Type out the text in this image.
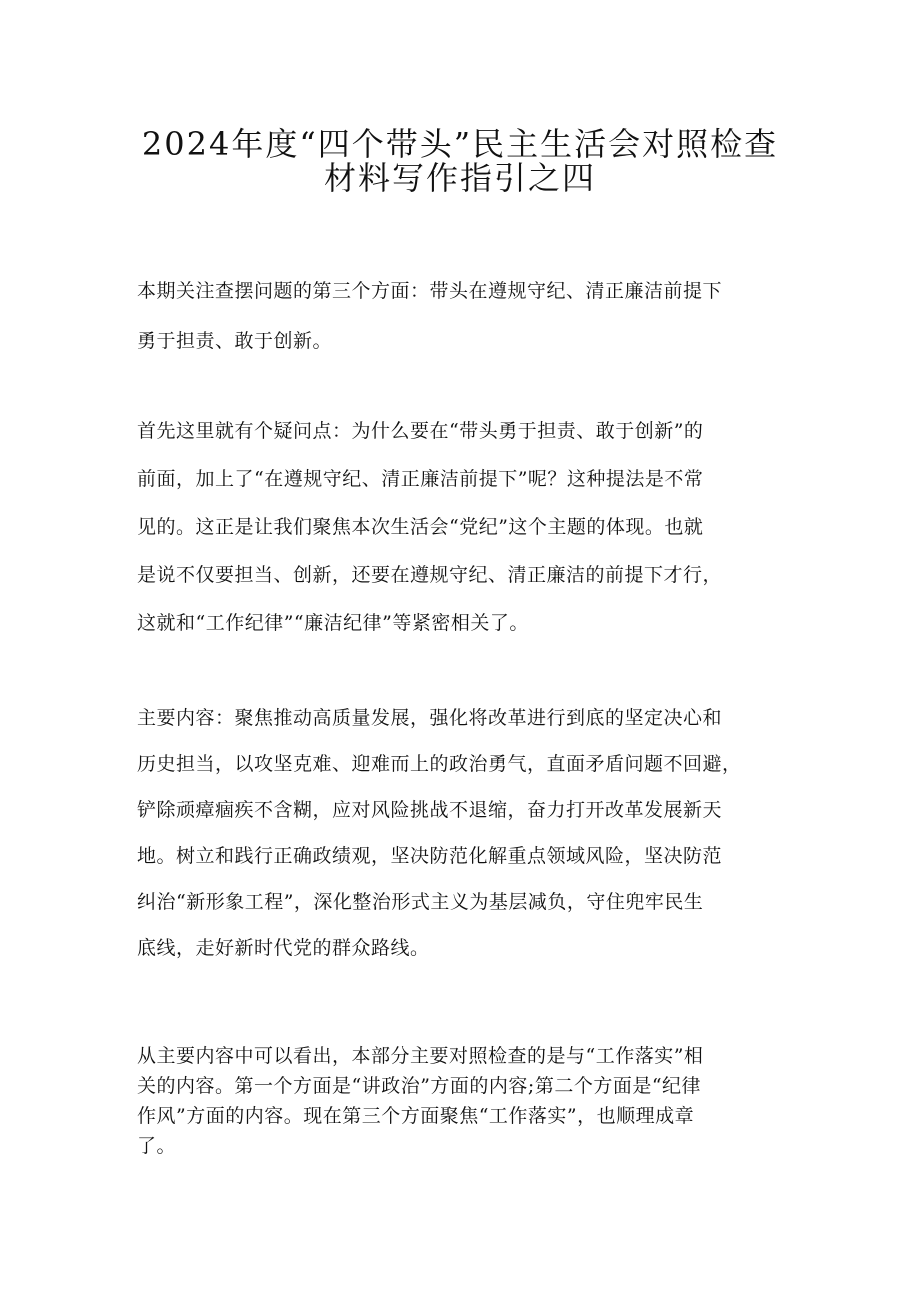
2024年度“四个带头”民主生活会对照检查
材料写作指引之四

本期关注查摆问题的第三个方面：带头在遵规守纪、清正廉洁前提下
勇于担责、敢于创新。

首先这里就有个疑问点：为什么要在“带头勇于担责、敢于创新”的
前面，加上了“在遵规守纪、清正廉洁前提下”呢？这种提法是不常
见的。这正是让我们聚焦本次生活会“党纪”这个主题的体现。也就
是说不仅要担当、创新，还要在遵规守纪、清正廉洁的前提下才行，
这就和“工作纪律”“廉洁纪律”等紧密相关了。

主要内容：聚焦推动高质量发展，强化将改革进行到底的坚定决心和
历史担当，以攻坚克难、迎难而上的政治勇气，直面矛盾问题不回避，
铲除顽瘴痼疾不含糊，应对风险挑战不退缩，奋力打开改革发展新天
地。树立和践行正确政绩观，坚决防范化解重点领域风险，坚决防范
纠治“新形象工程”，深化整治形式主义为基层减负，守住兜牢民生
底线，走好新时代党的群众路线。

从主要内容中可以看出，本部分主要对照检查的是与“工作落实”相
关的内容。第一个方面是“讲政治”方面的内容;第二个方面是“纪律
作风”方面的内容。现在第三个方面聚焦“工作落实”，也顺理成章
了。
